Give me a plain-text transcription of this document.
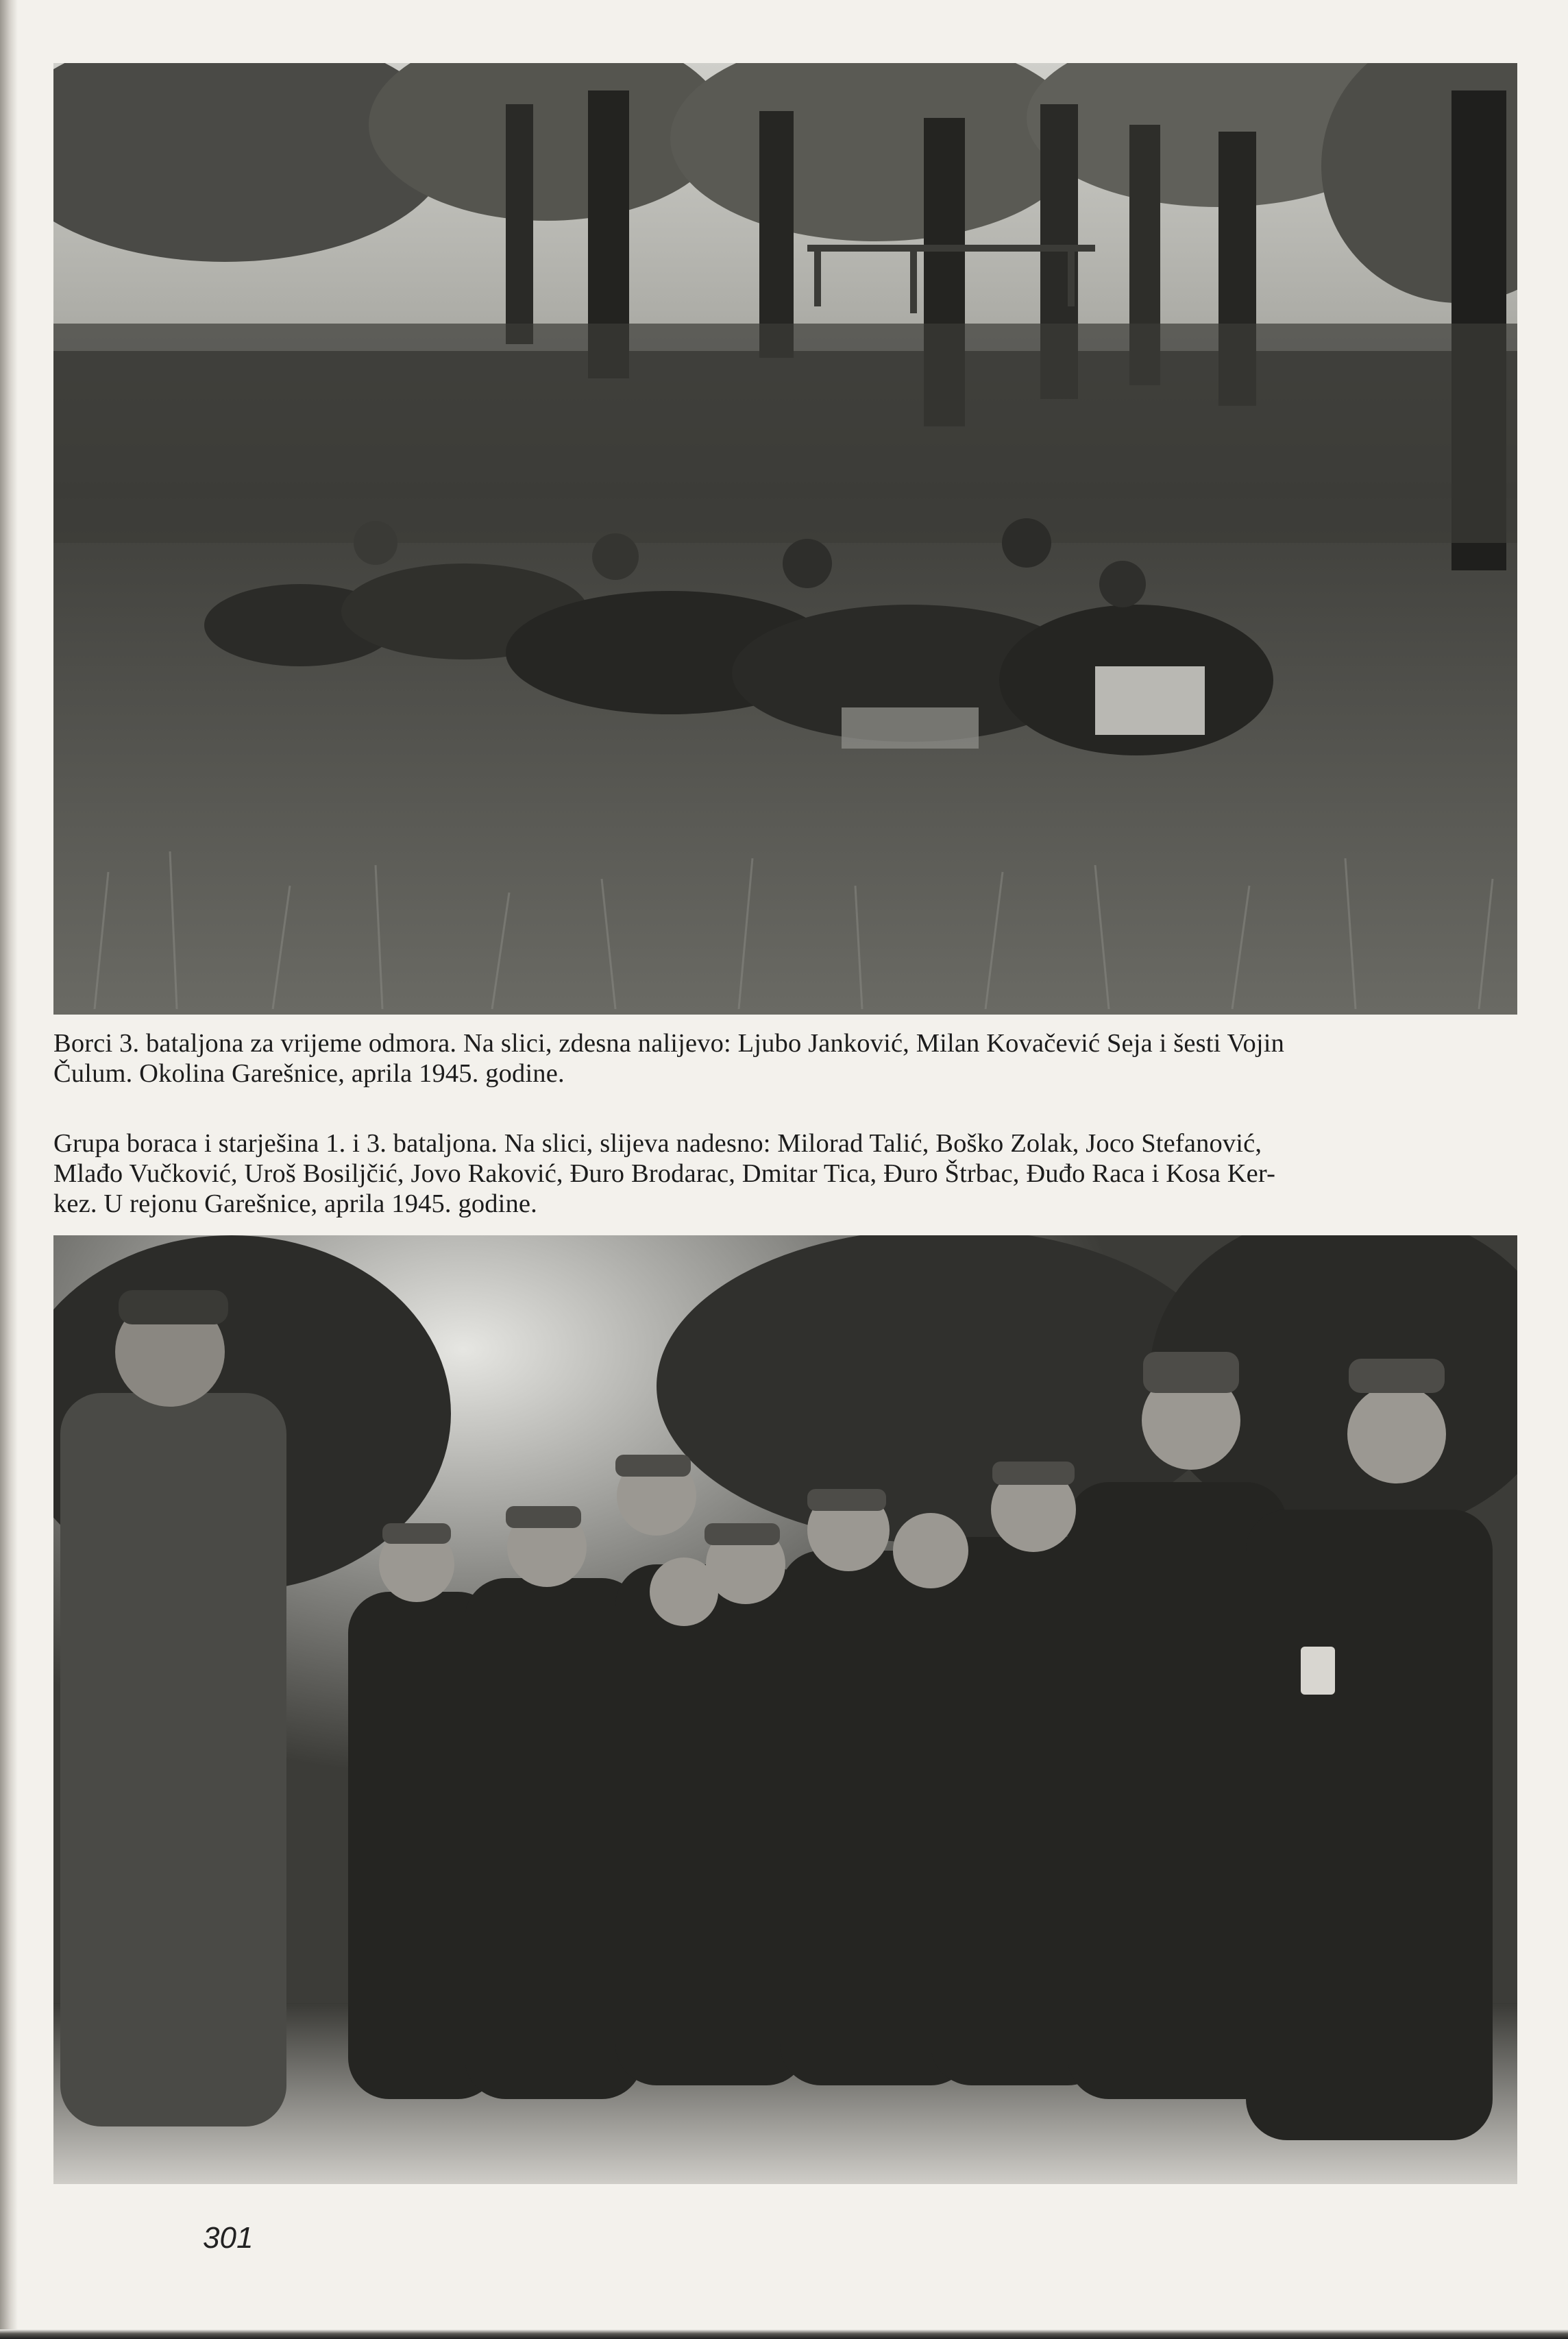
Borci 3. bataljona za vrijeme odmora. Na slici, zdesna nalijevo: Ljubo Janković, Milan Kovačević Seja i šesti Vojin

Čulum. Okolina Garešnice, aprila 1945. godine.

Grupa boraca i starješina 1. i 3. bataljona. Na slici, slijeva nadesno: Milorad Talić, Boško Zolak, Joco Stefanović,

Mlađo Vučković, Uroš Bosiljčić, Jovo Raković, Đuro Brodarac, Dmitar Tica, Đuro Štrbac, Đuđo Raca i Kosa Ker-

kez. U rejonu Garešnice, aprila 1945. godine.

301
